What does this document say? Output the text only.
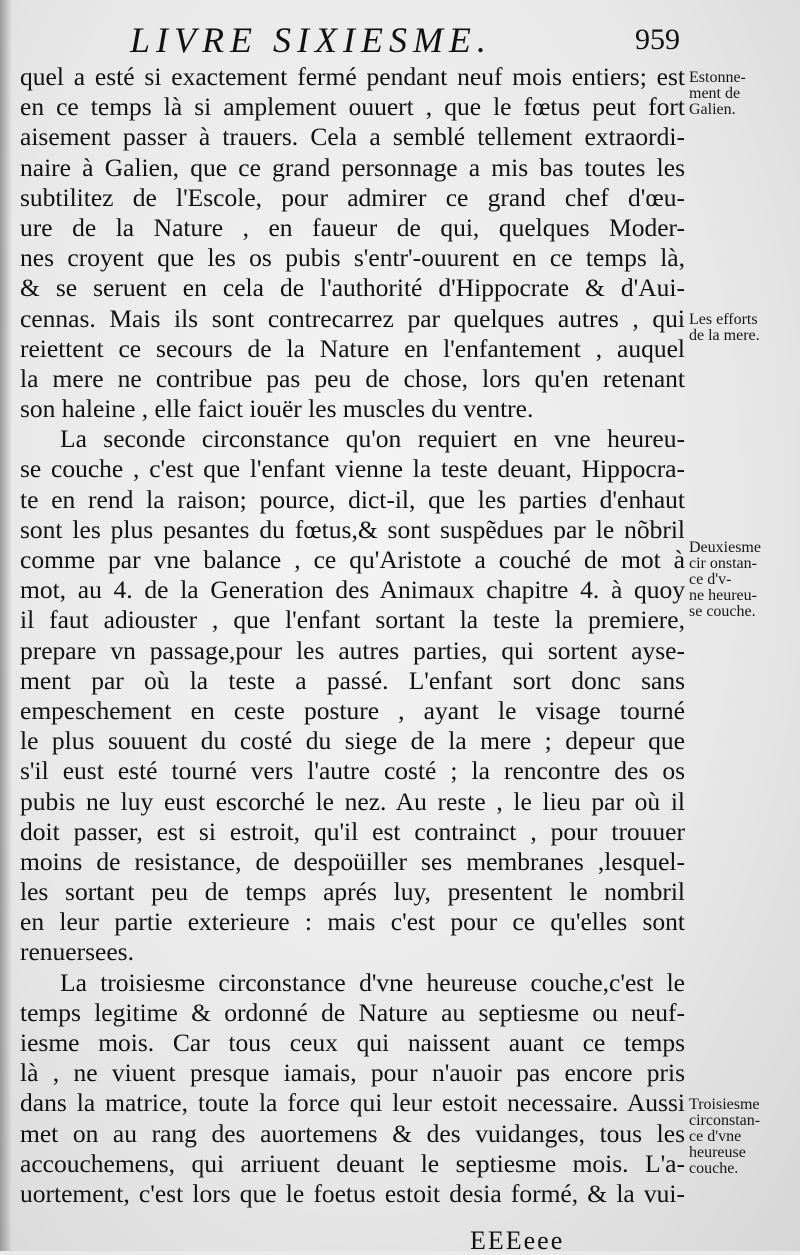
LIVRE SIXIESME.	959
quel a esté si exactement fermé pendant neuf mois entiers; est
en ce temps là si amplement ouuert , que le fœtus peut fort
aisement passer à trauers. Cela a semblé tellement extraordi-
naire à Galien, que ce grand personnage a mis bas toutes les
subtilitez de l'Escole, pour admirer ce grand chef d'œu-
ure de la Nature , en faueur de qui, quelques Moder-
nes croyent que les os pubis s'entr'-ouurent en ce temps là,
& se seruent en cela de l'authorité d'Hippocrate & d'Aui-
cennas. Mais ils sont contrecarrez par quelques autres , qui
reiettent ce secours de la Nature en l'enfantement , auquel
la mere ne contribue pas peu de chose, lors qu'en retenant
son haleine , elle faict iouër les muscles du ventre.
La seconde circonstance qu'on requiert en vne heureu-
se couche , c'est que l'enfant vienne la teste deuant, Hippocra-
te en rend la raison; pource, dict-il, que les parties d'enhaut
sont les plus pesantes du fœtus,& sont suspẽdues par le nõbril
comme par vne balance , ce qu'Aristote a couché de mot à
mot, au 4. de la Generation des Animaux chapitre 4. à quoy
il faut adiouster , que l'enfant sortant la teste la premiere,
prepare vn passage,pour les autres parties, qui sortent ayse-
ment par où la teste a passé. L'enfant sort donc sans
empeschement en ceste posture , ayant le visage tourné
le plus souuent du costé du siege de la mere ; depeur que
s'il eust esté tourné vers l'autre costé ; la rencontre des os
pubis ne luy eust escorché le nez. Au reste , le lieu par où il
doit passer, est si estroit, qu'il est contrainct , pour trouuer
moins de resistance, de despoüiller ses membranes ,lesquel-
les sortant peu de temps aprés luy, presentent le nombril
en leur partie exterieure : mais c'est pour ce qu'elles sont
renuersees.
La troisiesme circonstance d'vne heureuse couche,c'est le
temps legitime & ordonné de Nature au septiesme ou neuf-
iesme mois. Car tous ceux qui naissent auant ce temps
là , ne viuent presque iamais, pour n'auoir pas encore pris
dans la matrice, toute la force qui leur estoit necessaire. Aussi
met on au rang des auortemens & des vuidanges, tous les
accouchemens, qui arriuent deuant le septiesme mois. L'a-
uortement, c'est lors que le foetus estoit desia formé, & la vui-
Estonne-
ment de
Galien.
Les efforts
de la mere.
Deuxiesme
cir onstan-
ce d'v-
ne heureu-
se couche.
Troisiesme
circonstan-
ce d'vne
heureuse
couche.
EEEeee
